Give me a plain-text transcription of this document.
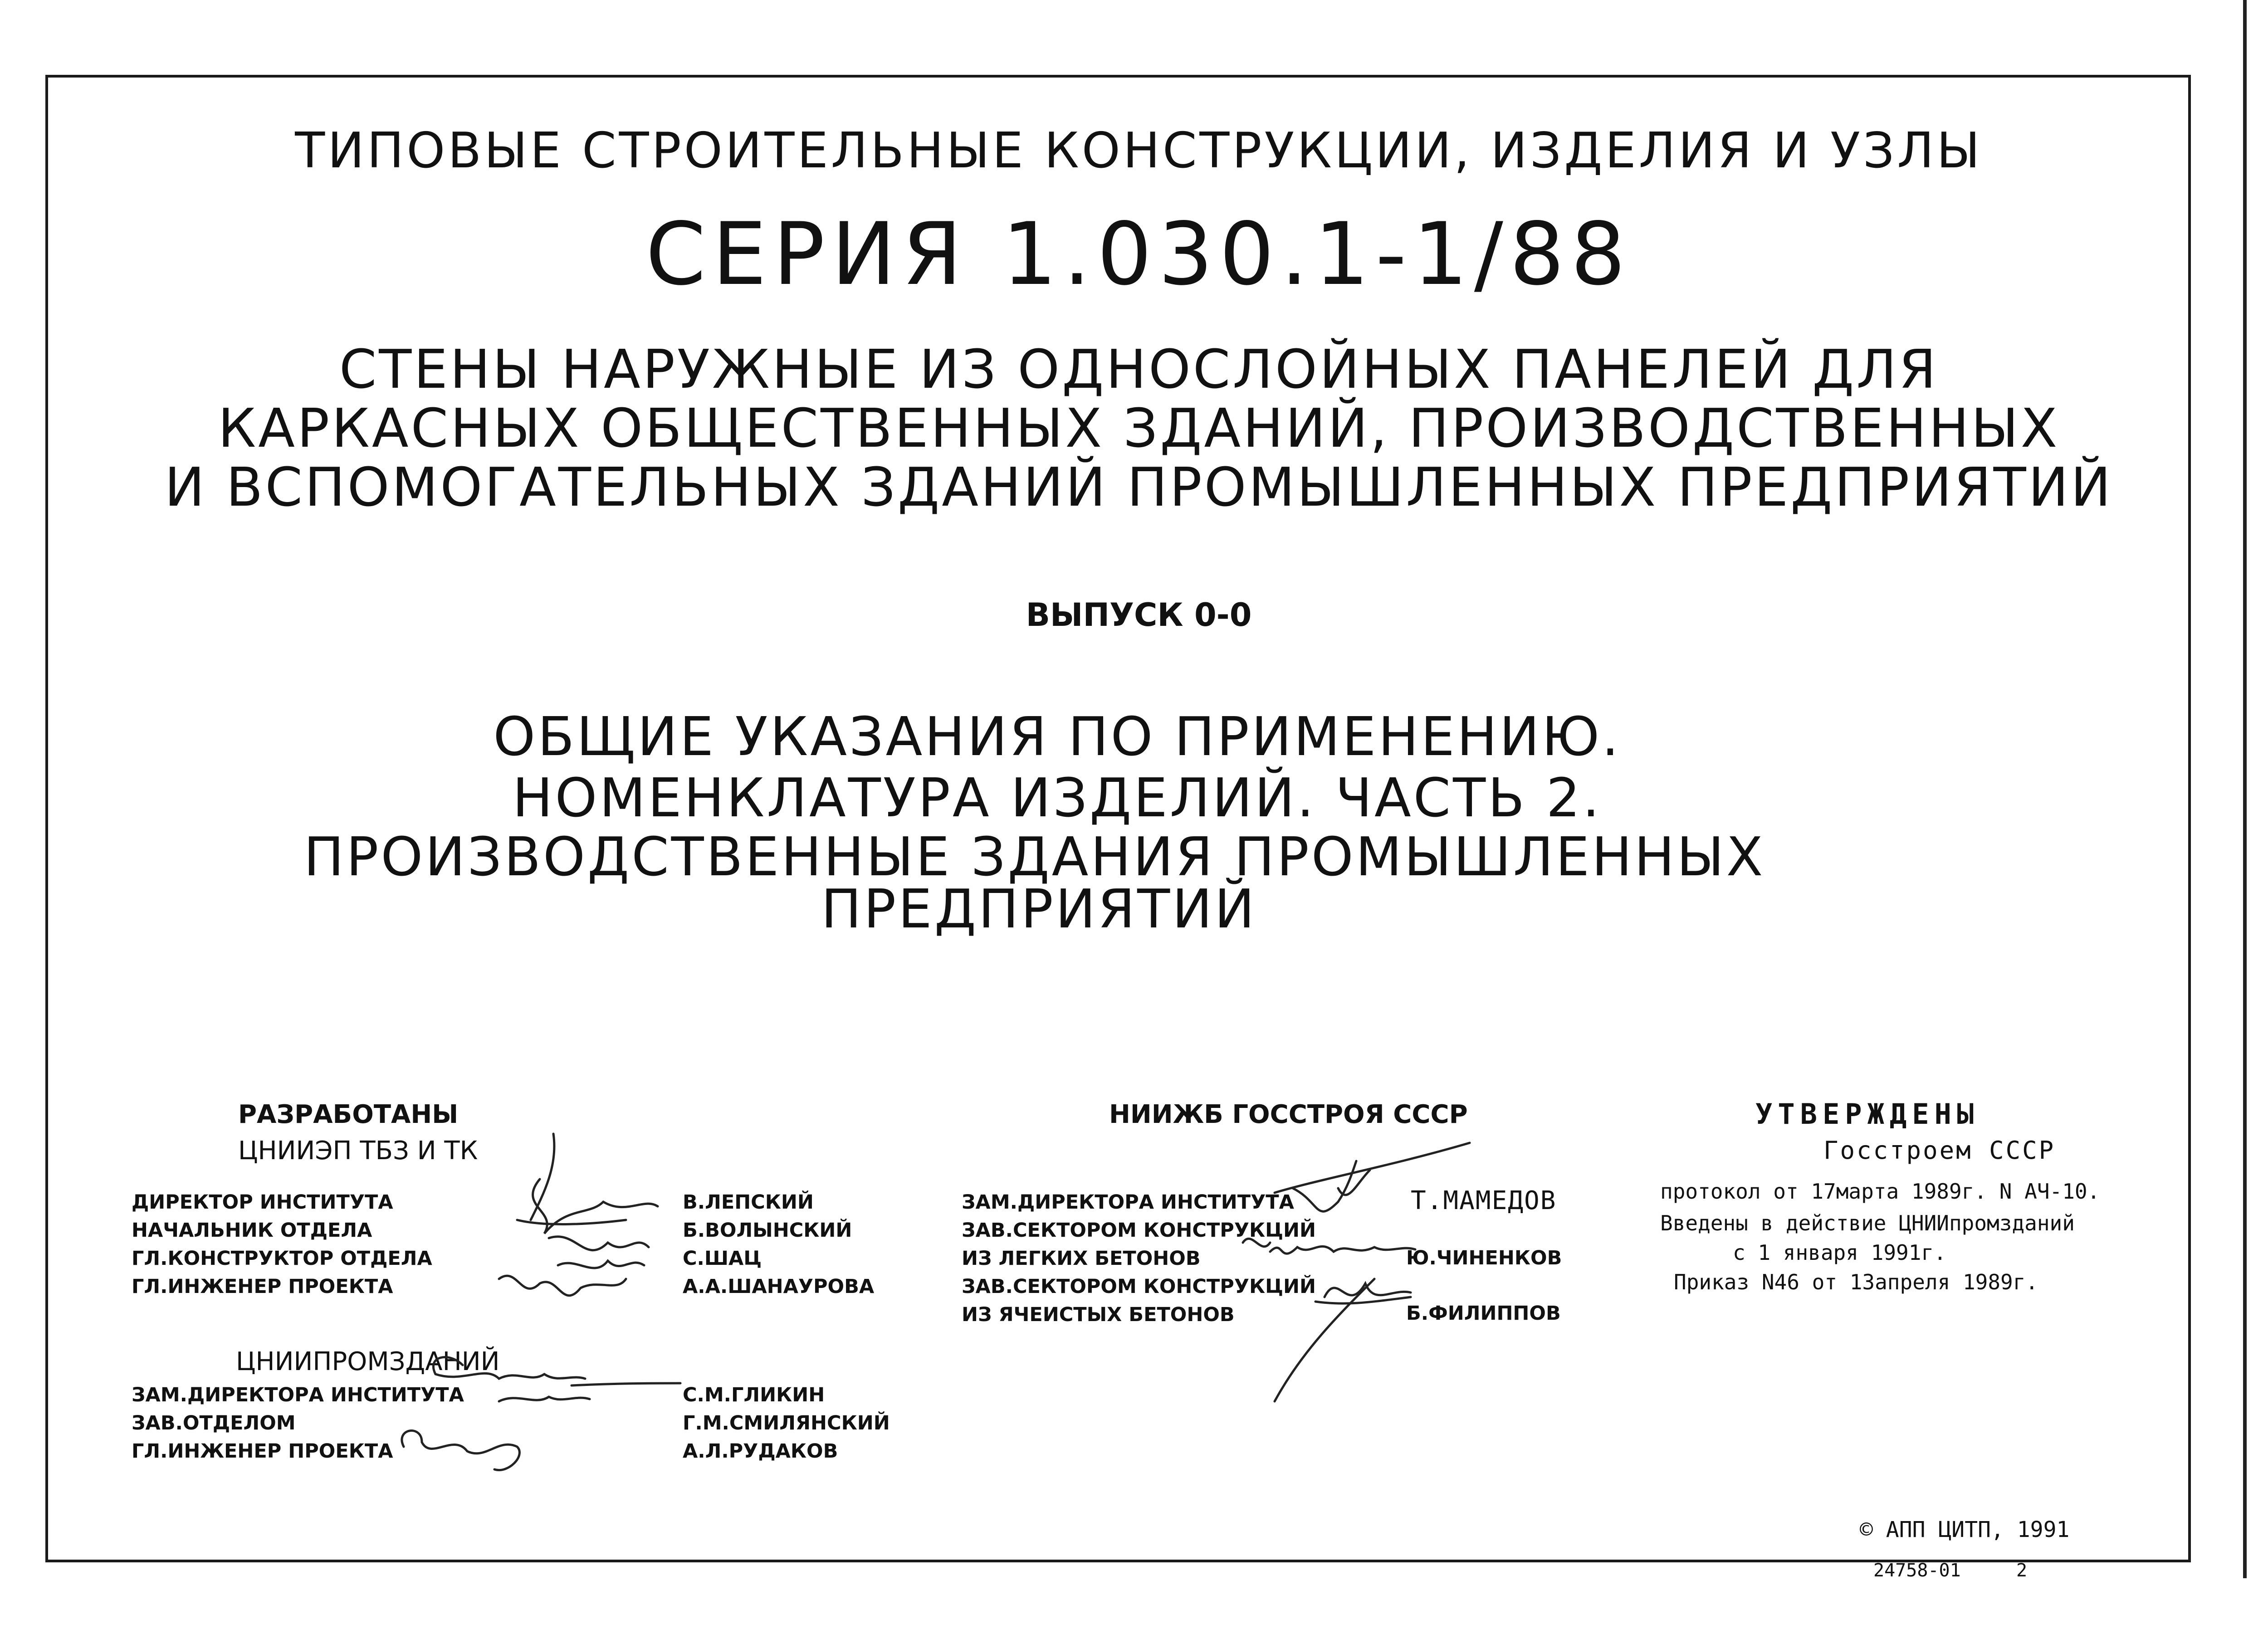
ТИПОВЫЕ СТРОИТЕЛЬНЫЕ КОНСТРУКЦИИ, ИЗДЕЛИЯ И УЗЛЫ
СЕРИЯ 1.030.1-1/88
СТЕНЫ НАРУЖНЫЕ ИЗ ОДНОСЛОЙНЫХ ПАНЕЛЕЙ ДЛЯ
КАРКАСНЫХ ОБЩЕСТВЕННЫХ ЗДАНИЙ, ПРОИЗВОДСТВЕННЫХ
И ВСПОМОГАТЕЛЬНЫХ ЗДАНИЙ ПРОМЫШЛЕННЫХ ПРЕДПРИЯТИЙ
ВЫПУСК 0-0
ОБЩИЕ УКАЗАНИЯ ПО ПРИМЕНЕНИЮ.
НОМЕНКЛАТУРА ИЗДЕЛИЙ. ЧАСТЬ 2.
ПРОИЗВОДСТВЕННЫЕ ЗДАНИЯ ПРОМЫШЛЕННЫХ
ПРЕДПРИЯТИЙ
РАЗРАБОТАНЫ
ЦНИИЭП ТБЗ И ТК
ДИРЕКТОР ИНСТИТУТА
НАЧАЛЬНИК ОТДЕЛА
ГЛ.КОНСТРУКТОР ОТДЕЛА
ГЛ.ИНЖЕНЕР ПРОЕКТА
В.ЛЕПСКИЙ
Б.ВОЛЫНСКИЙ
С.ШАЦ
А.А.ШАНАУРОВА
ЦНИИПРОМЗДАНИЙ
ЗАМ.ДИРЕКТОРА ИНСТИТУТА
ЗАВ.ОТДЕЛОМ
ГЛ.ИНЖЕНЕР ПРОЕКТА
С.М.ГЛИКИН
Г.М.СМИЛЯНСКИЙ
А.Л.РУДАКОВ
НИИЖБ ГОССТРОЯ СССР
ЗАМ.ДИРЕКТОРА ИНСТИТУТА
ЗАВ.СЕКТОРОМ КОНСТРУКЦИЙ
ИЗ ЛЕГКИХ БЕТОНОВ
ЗАВ.СЕКТОРОМ КОНСТРУКЦИЙ
ИЗ ЯЧЕИСТЫХ БЕТОНОВ
Т.МАМЕДОВ
Ю.ЧИНЕНКОВ
Б.ФИЛИППОВ
УТВЕРЖДЕНЫ
Госстроем СССР
протокол от 17марта 1989г. N АЧ-10.
Введены в действие ЦНИИпромзданий
с 1 января 1991г.
Приказ N46 от 13апреля 1989г.
© АПП ЦИТП, 1991
24758-01	2
